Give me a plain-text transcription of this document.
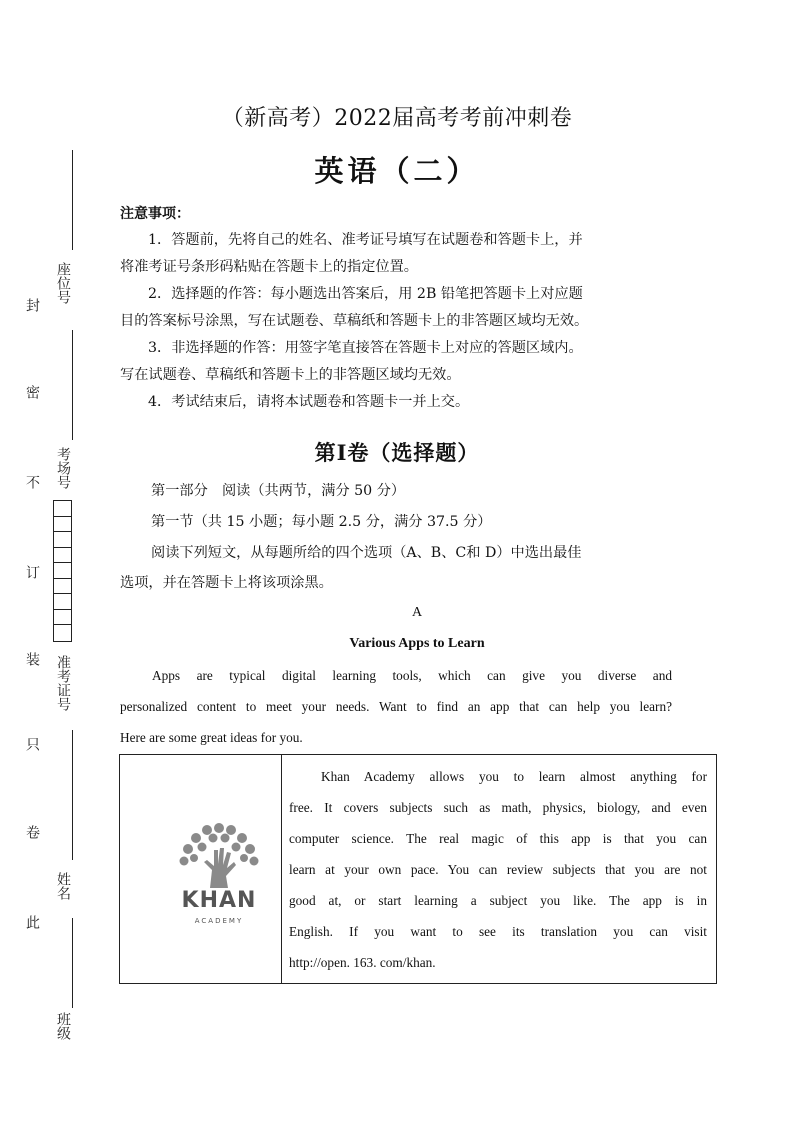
（新高考）2022届高考考前冲刺卷
英语（二）
注意事项：
1．答题前，先将自己的姓名、准考证号填写在试题卷和答题卡上，并
将准考证号条形码粘贴在答题卡上的指定位置。
2．选择题的作答：每小题选出答案后，用 2B 铅笔把答题卡上对应题
目的答案标号涂黑，写在试题卷、草稿纸和答题卡上的非答题区域均无效。
3．非选择题的作答：用签字笔直接答在答题卡上对应的答题区域内。
写在试题卷、草稿纸和答题卡上的非答题区域均无效。
4．考试结束后，请将本试题卷和答题卡一并上交。
第Ⅰ卷（选择题）
第一部分　阅读（共两节，满分 50 分）
第一节（共 15 小题；每小题 2.5 分，满分 37.5 分）
阅读下列短文，从每题所给的四个选项（A、B、C和 D）中选出最佳
选项，并在答题卡上将该项涂黑。
A
Various Apps to Learn
Apps are typical digital learning tools, which can give you diverse and
personalized content to meet your needs. Want to find an app that can help you learn?
Here are some great ideas for you.
KHAN
ACADEMY
Khan Academy allows you to learn almost anything for
free. It covers subjects such as math, physics, biology, and even
computer science. The real magic of this app is that you can
learn at your own pace. You can review subjects that you are not
good at, or start learning a subject you like. The app is in
English. If you want to see its translation you can visit
http://open. 163. com/khan.
座位号
考场号
准考证号
姓名
班级
封
密
不
订
装
只
卷
此
